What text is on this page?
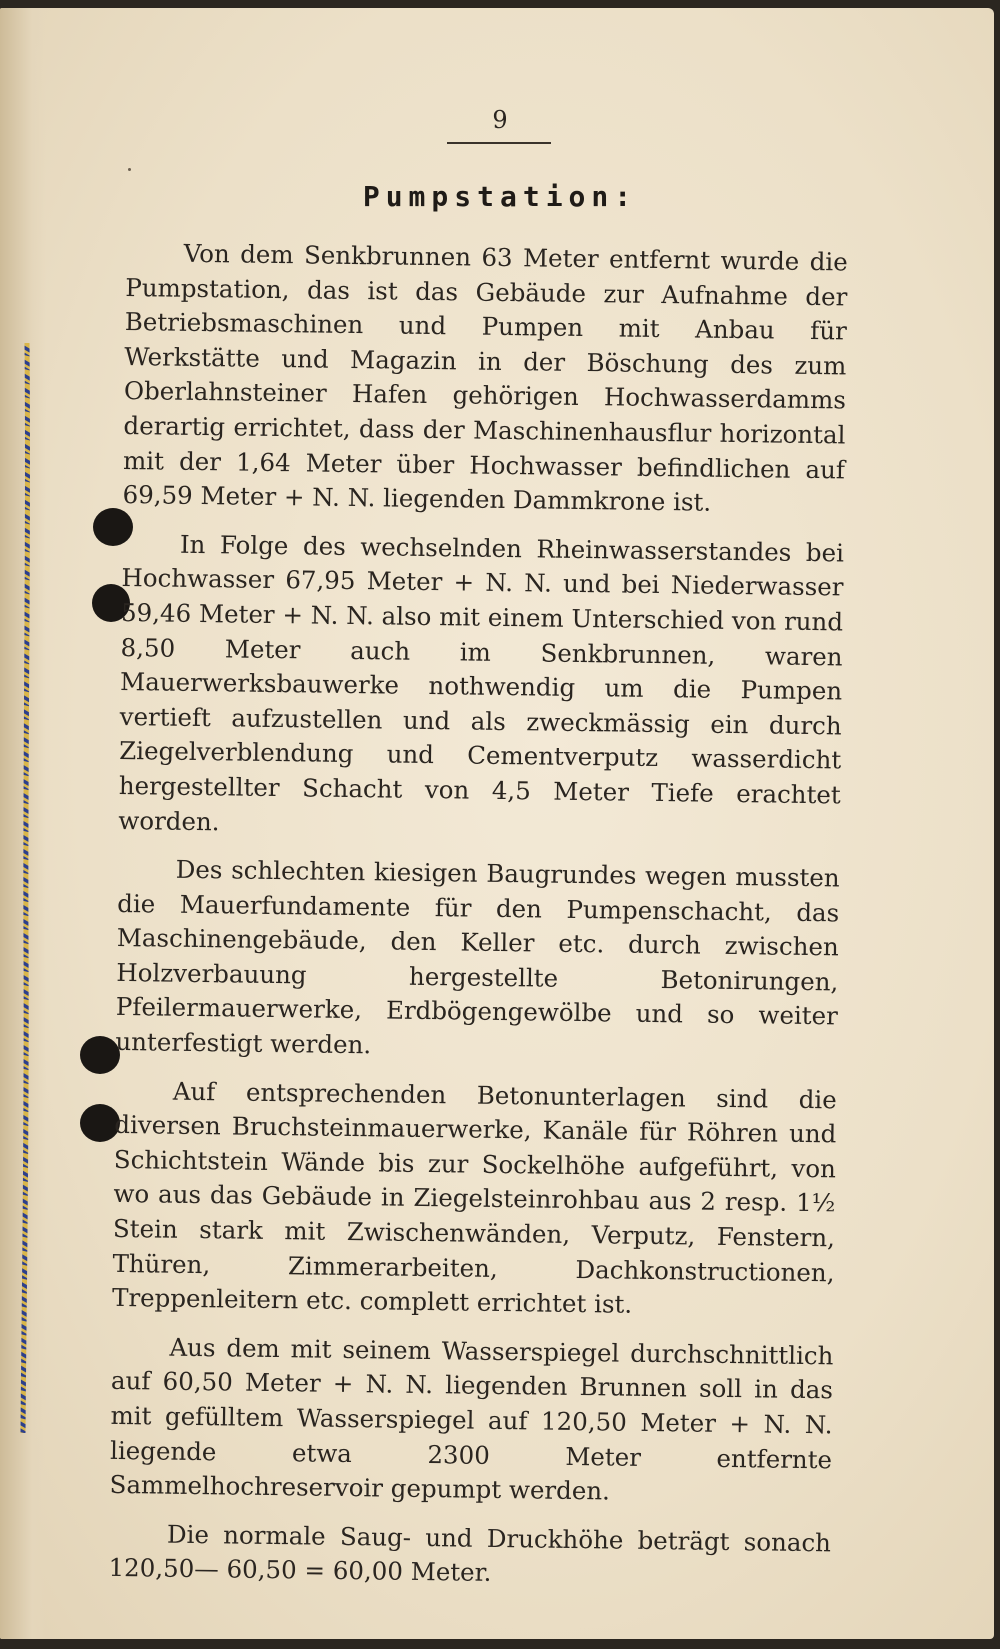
9
Pumpstation:

Von dem Senkbrunnen 63 Meter entfernt wurde die Pumpstation, das ist das Gebäude zur Aufnahme der Betriebsmaschinen und Pumpen mit Anbau für Werkstätte und Magazin in der Böschung des zum Oberlahnsteiner Hafen gehörigen Hochwasserdamms derartig errichtet, dass der Maschinenhausflur horizontal mit der 1,64 Meter über Hochwasser befindlichen auf 69,59 Meter + N. N. liegenden Dammkrone ist.

In Folge des wechselnden Rheinwasserstandes bei Hochwasser 67,95 Meter + N. N. und bei Niederwasser 59,46 Meter + N. N. also mit einem Unterschied von rund 8,50 Meter auch im Senkbrunnen, waren Mauerwerksbauwerke nothwendig um die Pumpen vertieft aufzustellen und als zweckmässig ein durch Ziegelverblendung und Cementverputz wasserdicht hergestellter Schacht von 4,5 Meter Tiefe erachtet worden.

Des schlechten kiesigen Baugrundes wegen mussten die Mauerfundamente für den Pumpenschacht, das Maschinengebäude, den Keller etc. durch zwischen Holzverbauung hergestellte Betonirungen, Pfeilermauerwerke, Erdbögengewölbe und so weiter unterfestigt werden.

Auf entsprechenden Betonunterlagen sind die diversen Bruchsteinmauerwerke, Kanäle für Röhren und Schichtstein Wände bis zur Sockelhöhe aufgeführt, von wo aus das Gebäude in Ziegelsteinrohbau aus 2 resp. 1½ Stein stark mit Zwischenwänden, Verputz, Fenstern, Thüren, Zimmerarbeiten, Dachkonstructionen, Treppenleitern etc. complett errichtet ist.

Aus dem mit seinem Wasserspiegel durchschnittlich auf 60,50 Meter + N. N. liegenden Brunnen soll in das mit gefülltem Wasserspiegel auf 120,50 Meter + N. N. liegende etwa 2300 Meter entfernte Sammelhochreservoir gepumpt werden.

Die normale Saug- und Druckhöhe beträgt sonach 120,50— 60,50 = 60,00 Meter.
